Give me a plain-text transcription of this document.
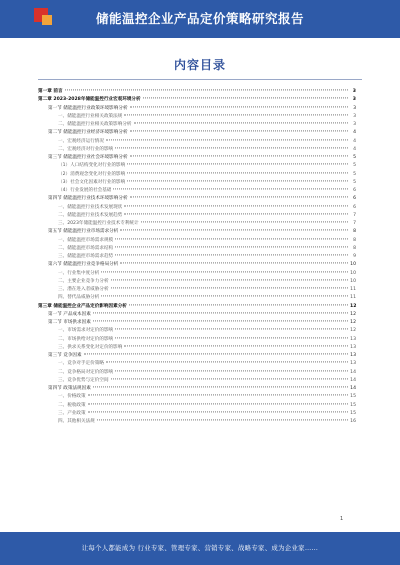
储能温控企业产品定价策略研究报告
内容目录
第一章 前言	3
第二章 2023-2028年储能温控行业宏观环境分析	3
第一节 储能温控行业政策环境影响分析	3
一、储能温控行业相关政策法规	3
二、储能温控行业相关政策影响分析	3
第二节 储能温控行业经济环境影响分析	4
一、宏观经济运行情况	4
二、宏观经济对行业的影响	4
第三节 储能温控行业社会环境影响分析	5
（1）人口结构变化对行业的影响	5
（2）消费观念变化对行业的影响	5
（3）社会文化因素对行业的影响	5
（4）行业发展的社会基础	6
第四节 储能温控行业技术环境影响分析	6
一、储能温控行业技术发展现状	6
二、储能温控行业技术发展趋势	7
三、2023年储能温控行业技术专利统计	7
第五节 储能温控行业市场需求分析	8
一、储能温控市场需求规模	8
二、储能温控市场需求结构	8
三、储能温控市场需求趋势	9
第六节 储能温控行业竞争格局分析	10
一、行业集中度分析	10
二、主要企业竞争力分析	10
三、潜在进入者威胁分析	11
四、替代品威胁分析	11
第三章 储能温控企业产品定价影响因素分析	12
第一节 产品成本因素	12
第二节 市场供求因素	12
一、市场需求对定价的影响	12
二、市场供给对定价的影响	13
三、供求关系变化对定价的影响	13
第三节 竞争因素	13
一、竞争对手定价策略	13
二、竞争格局对定价的影响	14
三、竞争优势与定价空间	14
第四节 政策法规因素	14
一、价格政策	15
二、税收政策	15
三、产业政策	15
四、其他相关法规	16
1
让每个人都能成为 行业专家、管理专家、营销专家、战略专家、成为企业家……
